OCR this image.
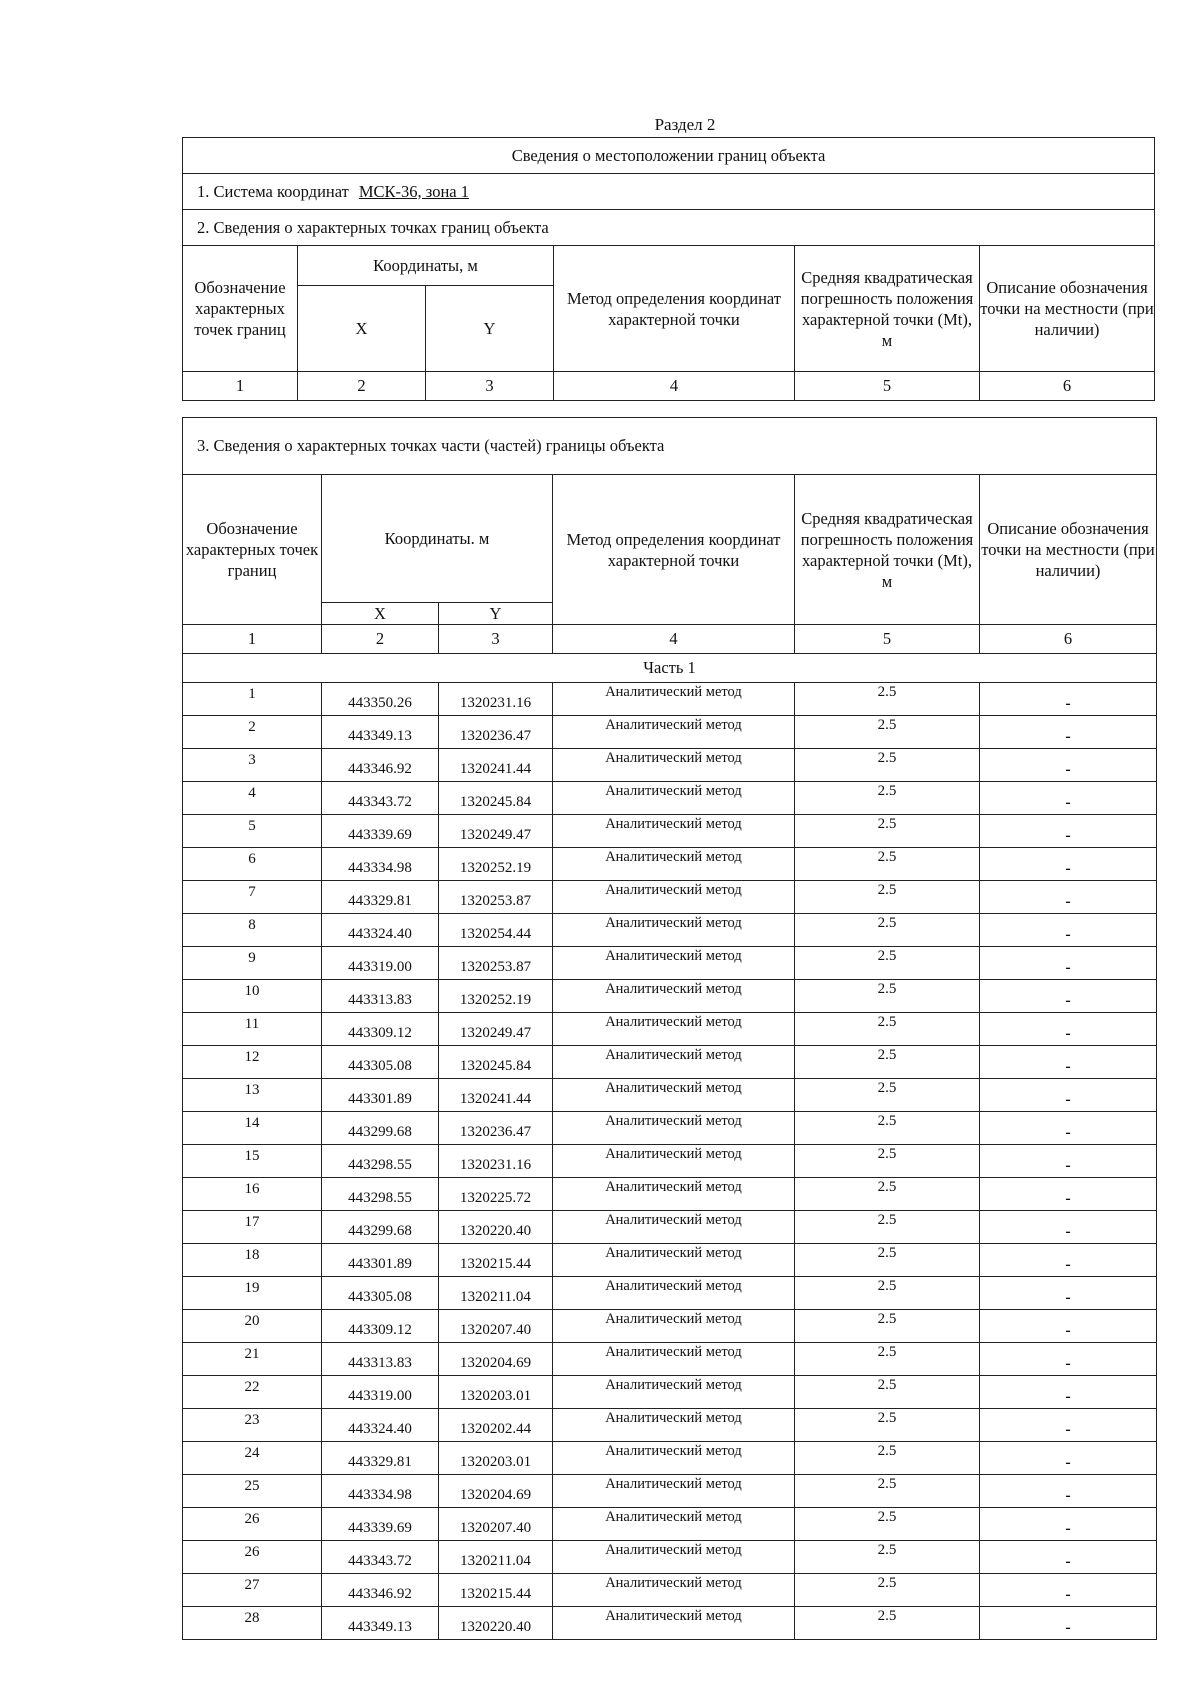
Раздел 2
Сведения о местоположении границ объекта					
1. Система координат МСК-36, зона 1					
2. Сведения о характерных точках границ объекта					
Обозначение характерных точек границ	Координаты, м		Метод определения координат характерной точки	Средняя квадратическая погрешность положения характерной точки (Mt), м	Описание обозначения точки на местности (при наличии)
	X	Y			
1	2	3	4	5	6
3. Сведения о характерных точках части (частей) границы объекта					
Обозначение характерных точек границ	Координаты. м		Метод определения координат характерной точки	Средняя квадратическая погрешность положения характерной точки (Mt), м	Описание обозначения точки на местности (при наличии)
	X	Y			
1	2	3	4	5	6
Часть 1					
1	443350.26	1320231.16	Аналитический метод	2.5	-
2	443349.13	1320236.47	Аналитический метод	2.5	-
3	443346.92	1320241.44	Аналитический метод	2.5	-
4	443343.72	1320245.84	Аналитический метод	2.5	-
5	443339.69	1320249.47	Аналитический метод	2.5	-
6	443334.98	1320252.19	Аналитический метод	2.5	-
7	443329.81	1320253.87	Аналитический метод	2.5	-
8	443324.40	1320254.44	Аналитический метод	2.5	-
9	443319.00	1320253.87	Аналитический метод	2.5	-
10	443313.83	1320252.19	Аналитический метод	2.5	-
11	443309.12	1320249.47	Аналитический метод	2.5	-
12	443305.08	1320245.84	Аналитический метод	2.5	-
13	443301.89	1320241.44	Аналитический метод	2.5	-
14	443299.68	1320236.47	Аналитический метод	2.5	-
15	443298.55	1320231.16	Аналитический метод	2.5	-
16	443298.55	1320225.72	Аналитический метод	2.5	-
17	443299.68	1320220.40	Аналитический метод	2.5	-
18	443301.89	1320215.44	Аналитический метод	2.5	-
19	443305.08	1320211.04	Аналитический метод	2.5	-
20	443309.12	1320207.40	Аналитический метод	2.5	-
21	443313.83	1320204.69	Аналитический метод	2.5	-
22	443319.00	1320203.01	Аналитический метод	2.5	-
23	443324.40	1320202.44	Аналитический метод	2.5	-
24	443329.81	1320203.01	Аналитический метод	2.5	-
25	443334.98	1320204.69	Аналитический метод	2.5	-
26	443339.69	1320207.40	Аналитический метод	2.5	-
26	443343.72	1320211.04	Аналитический метод	2.5	-
27	443346.92	1320215.44	Аналитический метод	2.5	-
28	443349.13	1320220.40	Аналитический метод	2.5	-
